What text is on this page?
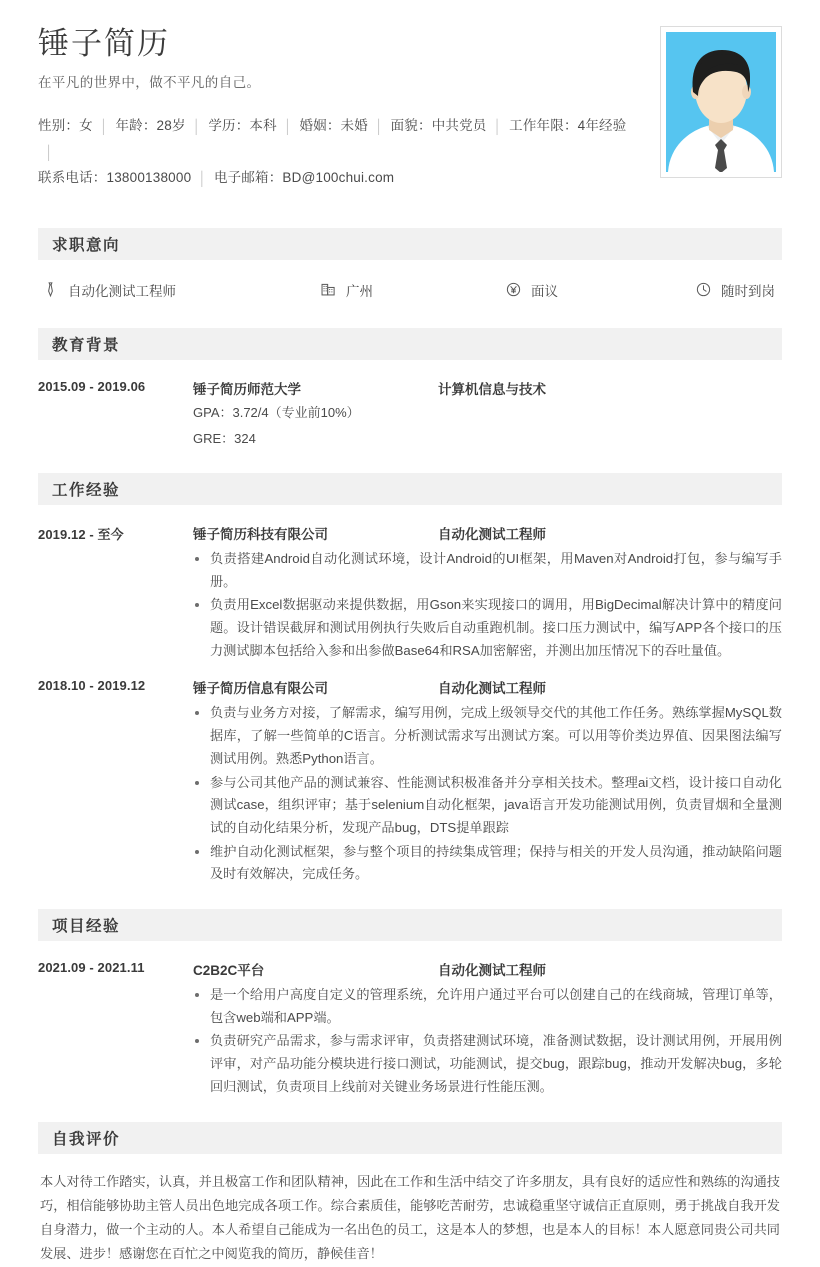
锤子简历

在平凡的世界中，做不平凡的自己。

性别：女 │ 年龄：28岁 │ 学历：本科 │ 婚姻：未婚 │ 面貌：中共党员 │ 工作年限：4年经验│
联系电话：13800138000 │ 电子邮箱：BD@100chui.com
求职意向
自动化测试工程师	广州	面议	随时到岗
教育背景
2015.09 - 2019.06	锤子简历师范大学	计算机信息与技术
GPA：3.72/4（专业前10%）
GRE：324
工作经验
2019.12 - 至今	锤子简历科技有限公司	自动化测试工程师
负责搭建Android自动化测试环境，设计Android的UI框架，用Maven对Android打包，参与编写手册。
负责用Excel数据驱动来提供数据，用Gson来实现接口的调用，用BigDecimal解决计算中的精度问题。设计错误截屏和测试用例执行失败后自动重跑机制。接口压力测试中，编写APP各个接口的压力测试脚本包括给入参和出参做Base64和RSA加密解密，并测出加压情况下的吞吐量值。
2018.10 - 2019.12	锤子简历信息有限公司	自动化测试工程师
负责与业务方对接，了解需求，编写用例，完成上级领导交代的其他工作任务。熟练掌握MySQL数据库，了解一些简单的C语言。分析测试需求写出测试方案。可以用等价类边界值、因果图法编写测试用例。熟悉Python语言。
参与公司其他产品的测试兼容、性能测试积极准备并分享相关技术。整理ai文档，设计接口自动化测试case，组织评审；基于selenium自动化框架，java语言开发功能测试用例，负责冒烟和全量测试的自动化结果分析，发现产品bug，DTS提单跟踪
维护自动化测试框架，参与整个项目的持续集成管理；保持与相关的开发人员沟通，推动缺陷问题及时有效解决，完成任务。
项目经验
2021.09 - 2021.11	C2B2C平台	自动化测试工程师
是一个给用户高度自定义的管理系统，允许用户通过平台可以创建自己的在线商城，管理订单等，包含web端和APP端。
负责研究产品需求，参与需求评审，负责搭建测试环境，准备测试数据，设计测试用例，开展用例评审，对产品功能分模块进行接口测试，功能测试，提交bug，跟踪bug，推动开发解决bug，多轮回归测试，负责项目上线前对关键业务场景进行性能压测。
自我评价
本人对待工作踏实，认真，并且极富工作和团队精神，因此在工作和生活中结交了许多朋友，具有良好的适应性和熟练的沟通技巧，相信能够协助主管人员出色地完成各项工作。综合素质佳，能够吃苦耐劳，忠诚稳重坚守诚信正直原则，勇于挑战自我开发自身潜力，做一个主动的人。本人希望自己能成为一名出色的员工，这是本人的梦想，也是本人的目标！本人愿意同贵公司共同发展、进步！感谢您在百忙之中阅览我的简历，静候佳音！
